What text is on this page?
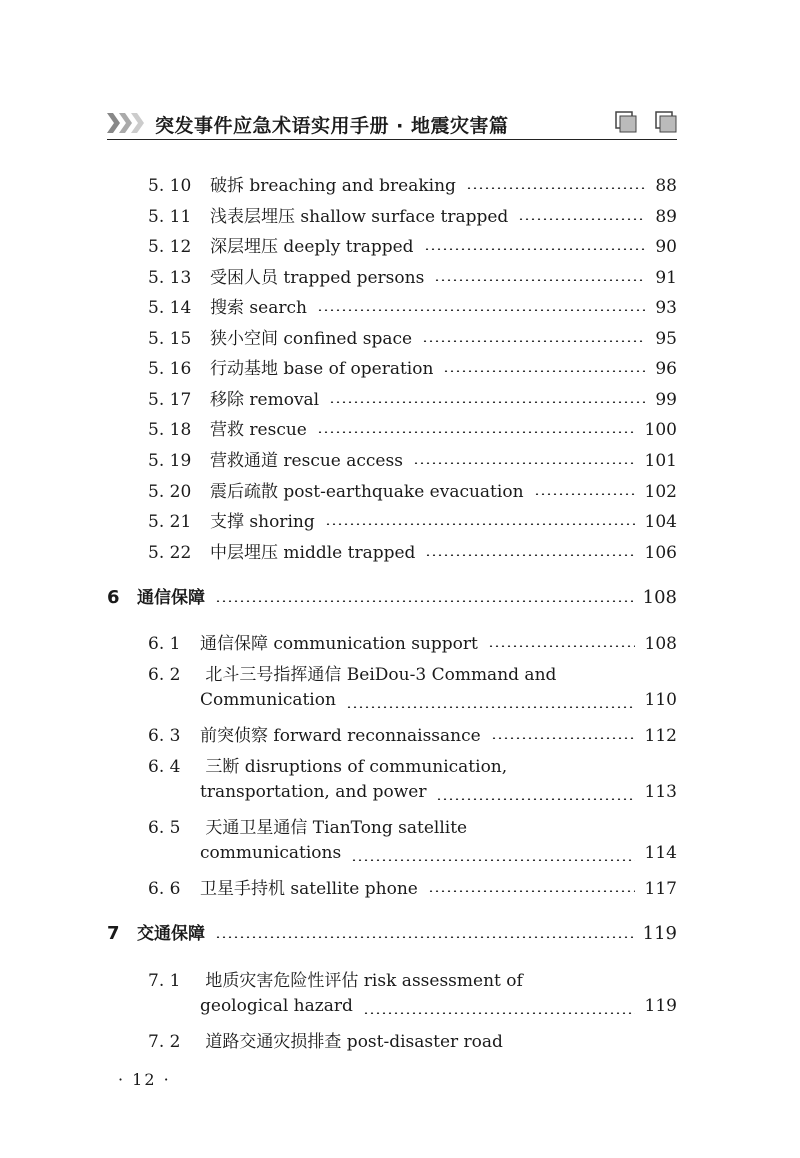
突发事件应急术语实用手册 · 地震灾害篇
5. 10	破拆 breaching and breaking	88
5. 11	浅表层埋压 shallow surface trapped	89
5. 12	深层埋压 deeply trapped	90
5. 13	受困人员 trapped persons	91
5. 14	搜索 search	93
5. 15	狭小空间 confined space	95
5. 16	行动基地 base of operation	96
5. 17	移除 removal	99
5. 18	营救 rescue	100
5. 19	营救通道 rescue access	101
5. 20	震后疏散 post-earthquake evacuation	102
5. 21	支撑 shoring	104
5. 22	中层埋压 middle trapped	106
6	通信保障	108
6. 1	通信保障 communication support	108
6. 2 北斗三号指挥通信 BeiDou-3 Command and
Communication	110
6. 3	前突侦察 forward reconnaissance	112
6. 4 三断 disruptions of communication,
transportation, and power	113
6. 5 天通卫星通信 TianTong satellite
communications	114
6. 6	卫星手持机 satellite phone	117
7	交通保障	119
7. 1 地质灾害危险性评估 risk assessment of
geological hazard	119
7. 2 道路交通灾损排查 post-disaster road
· 12 ·
